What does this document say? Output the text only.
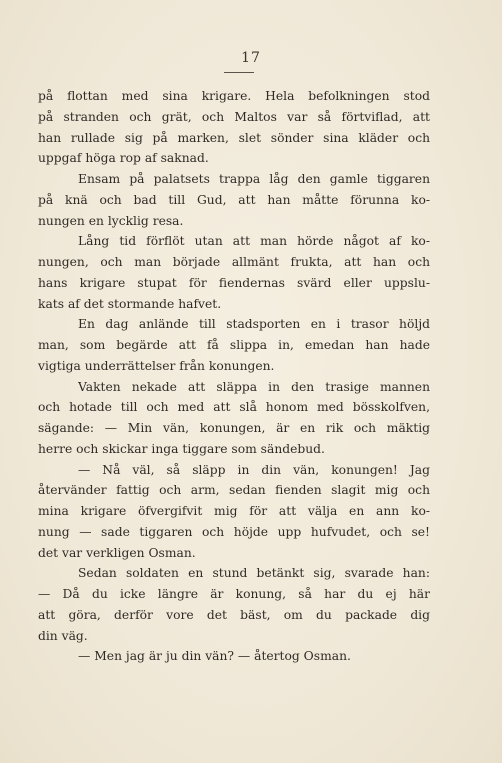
17
på flottan med sina krigare. Hela befolkningen stod
på stranden och grät, och Maltos var så förtviflad, att
han rullade sig på marken, slet sönder sina kläder och
uppgaf höga rop af saknad.
Ensam på palatsets trappa låg den gamle tiggaren
på knä och bad till Gud, att han måtte förunna ko-
nungen en lycklig resa.
Lång tid förflöt utan att man hörde något af ko-
nungen, och man började allmänt frukta, att han och
hans krigare stupat för fiendernas svärd eller uppslu-
kats af det stormande hafvet.
En dag anlände till stadsporten en i trasor höljd
man, som begärde att få slippa in, emedan han hade
vigtiga underrättelser från konungen.
Vakten nekade att släppa in den trasige mannen
och hotade till och med att slå honom med bösskolfven,
sägande: — Min vän, konungen, är en rik och mäktig
herre och skickar inga tiggare som sändebud.
— Nå väl, så släpp in din vän, konungen! Jag
återvänder fattig och arm, sedan fienden slagit mig och
mina krigare öfvergifvit mig för att välja en ann ko-
nung — sade tiggaren och höjde upp hufvudet, och se!
det var verkligen Osman.
Sedan soldaten en stund betänkt sig, svarade han:
— Då du icke längre är konung, så har du ej här
att göra, derför vore det bäst, om du packade dig
din väg.
— Men jag är ju din vän? — återtog Osman.
